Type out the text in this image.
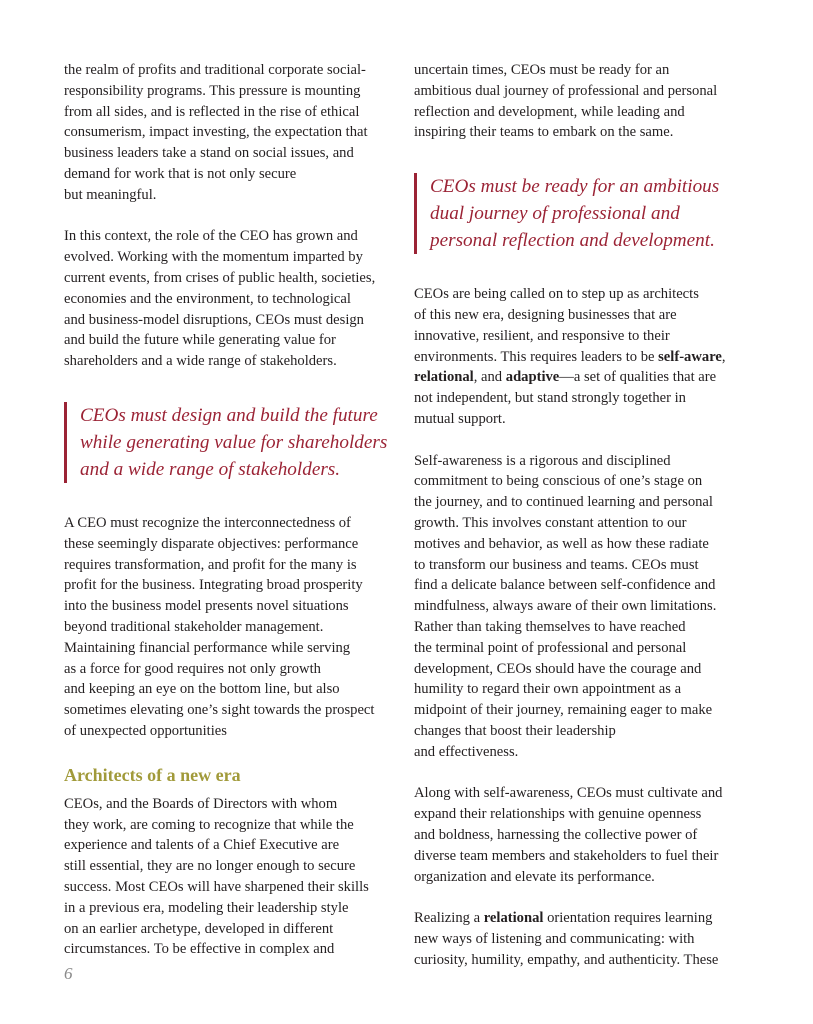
the realm of profits and traditional corporate social-
responsibility programs. This pressure is mounting
from all sides, and is reflected in the rise of ethical
consumerism, impact investing, the expectation that
business leaders take a stand on social issues, and
demand for work that is not only secure
but meaningful.

In this context, the role of the CEO has grown and
evolved. Working with the momentum imparted by
current events, from crises of public health, societies,
economies and the environment, to technological
and business-model disruptions, CEOs must design
and build the future while generating value for
shareholders and a wide range of stakeholders.

CEOs must design and build the future
while generating value for shareholders
and a wide range of stakeholders.

A CEO must recognize the interconnectedness of
these seemingly disparate objectives: performance
requires transformation, and profit for the many is
profit for the business. Integrating broad prosperity
into the business model presents novel situations
beyond traditional stakeholder management.
Maintaining financial performance while serving
as a force for good requires not only growth
and keeping an eye on the bottom line, but also
sometimes elevating one’s sight towards the prospect
of unexpected opportunities

Architects of a new era

CEOs, and the Boards of Directors with whom
they work, are coming to recognize that while the
experience and talents of a Chief Executive are
still essential, they are no longer enough to secure
success. Most CEOs will have sharpened their skills
in a previous era, modeling their leadership style
on an earlier archetype, developed in different
circumstances. To be effective in complex and

uncertain times, CEOs must be ready for an
ambitious dual journey of professional and personal
reflection and development, while leading and
inspiring their teams to embark on the same.

CEOs must be ready for an ambitious
dual journey of professional and
personal reflection and development.

CEOs are being called on to step up as architects
of this new era, designing businesses that are
innovative, resilient, and responsive to their
environments. This requires leaders to be self-aware,
relational, and adaptive—a set of qualities that are
not independent, but stand strongly together in
mutual support.

Self-awareness is a rigorous and disciplined
commitment to being conscious of one’s stage on
the journey, and to continued learning and personal
growth. This involves constant attention to our
motives and behavior, as well as how these radiate
to transform our business and teams. CEOs must
find a delicate balance between self-confidence and
mindfulness, always aware of their own limitations.
Rather than taking themselves to have reached
the terminal point of professional and personal
development, CEOs should have the courage and
humility to regard their own appointment as a
midpoint of their journey, remaining eager to make
changes that boost their leadership
and effectiveness.

Along with self-awareness, CEOs must cultivate and
expand their relationships with genuine openness
and boldness, harnessing the collective power of
diverse team members and stakeholders to fuel their
organization and elevate its performance.

Realizing a relational orientation requires learning
new ways of listening and communicating: with
curiosity, humility, empathy, and authenticity. These

6
